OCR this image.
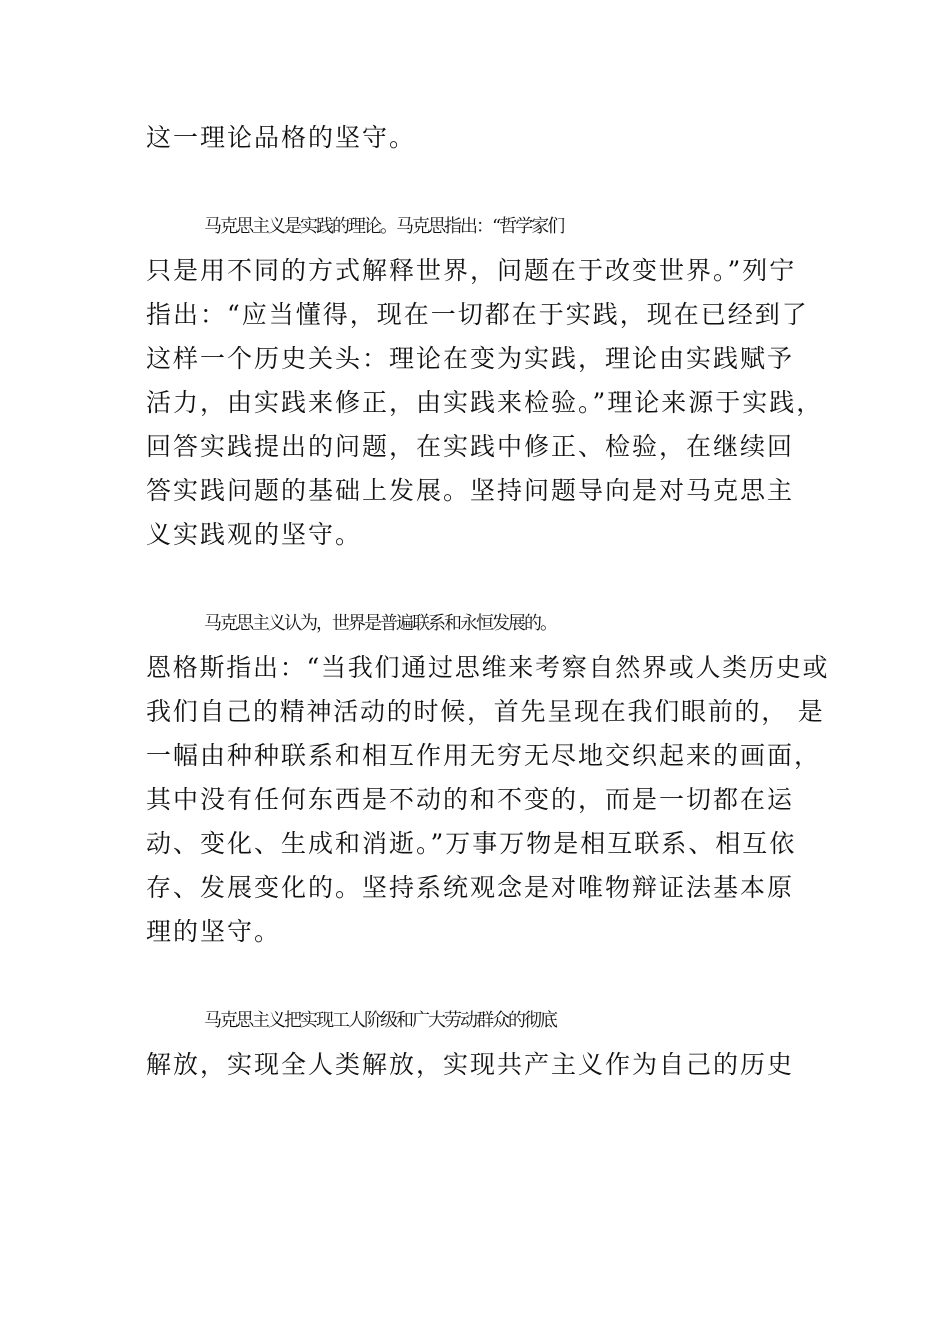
这一理论品格的坚守。
马克思主义是实践的理论。马克思指出：“哲学家们
只是用不同的方式解释世界，问题在于改变世界。”列宁
指出：“应当懂得，现在一切都在于实践，现在已经到了
这样一个历史关头：理论在变为实践，理论由实践赋予
活力，由实践来修正，由实践来检验。”理论来源于实践，
回答实践提出的问题，在实践中修正、检验，在继续回
答实践问题的基础上发展。坚持问题导向是对马克思主
义实践观的坚守。
马克思主义认为，世界是普遍联系和永恒发展的。
恩格斯指出：“当我们通过思维来考察自然界或人类历史或
我们自己的精神活动的时候，首先呈现在我们眼前的， 是
一幅由种种联系和相互作用无穷无尽地交织起来的画面，
其中没有任何东西是不动的和不变的，而是一切都在运
动、变化、生成和消逝。”万事万物是相互联系、相互依
存、发展变化的。坚持系统观念是对唯物辩证法基本原
理的坚守。
马克思主义把实现工人阶级和广大劳动群众的彻底
解放，实现全人类解放，实现共产主义作为自己的历史
